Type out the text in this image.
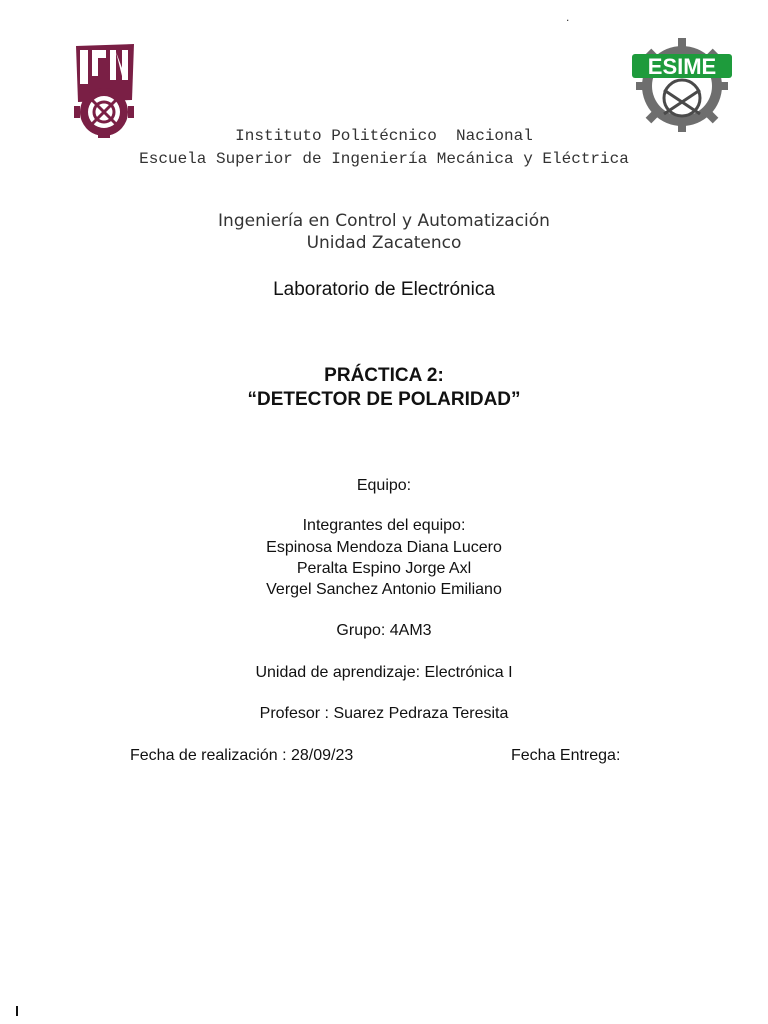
.
IPN
ESIME
Instituto Politécnico  Nacional
Escuela Superior de Ingeniería Mecánica y Eléctrica
Ingeniería en Control y Automatización
Unidad Zacatenco
Laboratorio de Electrónica
PRÁCTICA 2:
“DETECTOR DE POLARIDAD”
Equipo:
Integrantes del equipo:
Espinosa Mendoza Diana Lucero
Peralta Espino Jorge Axl
Vergel Sanchez Antonio Emiliano
Grupo: 4AM3
Unidad de aprendizaje: Electrónica I
Profesor : Suarez Pedraza Teresita
Fecha de realización : 28/09/23	Fecha Entrega:
